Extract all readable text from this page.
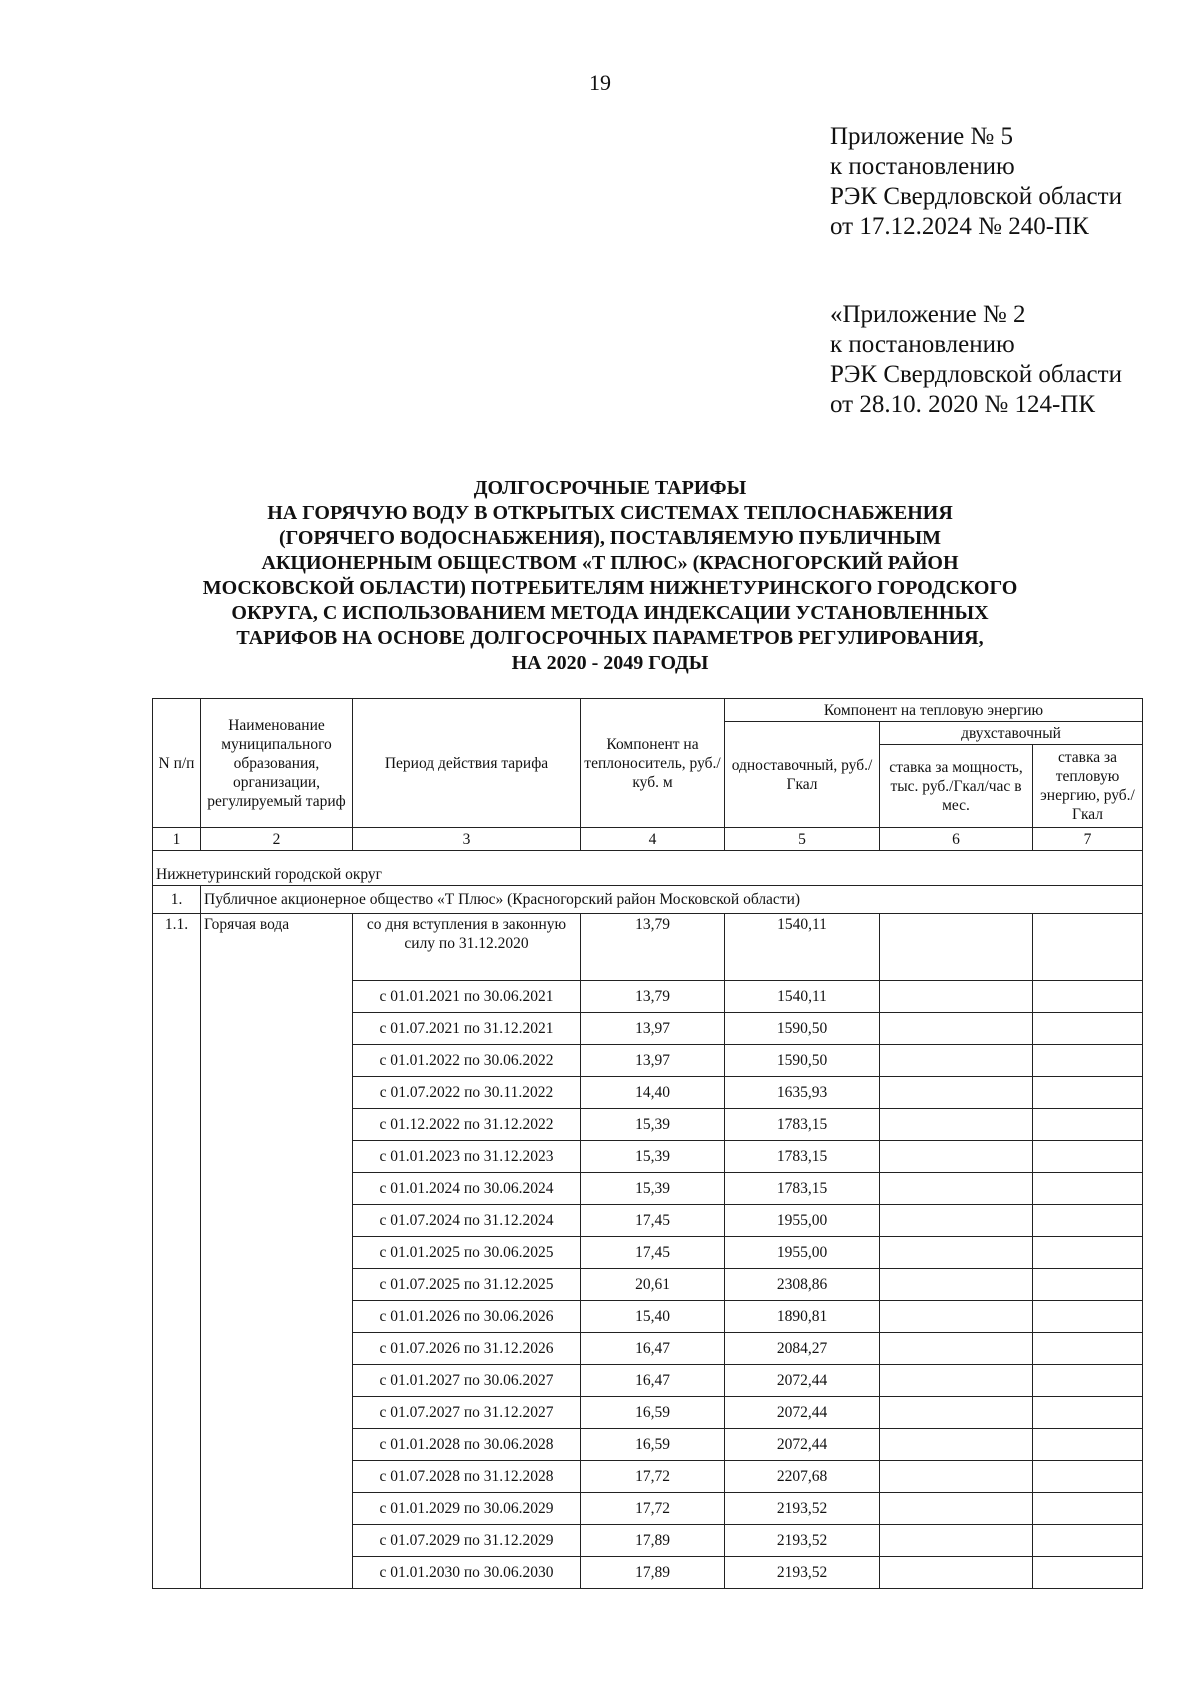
19
Приложение № 5
к постановлению
РЭК Свердловской области
от 17.12.2024 № 240-ПК
«Приложение № 2
к постановлению
РЭК Свердловской области
от 28.10. 2020 № 124-ПК
ДОЛГОСРОЧНЫЕ ТАРИФЫ
НА ГОРЯЧУЮ ВОДУ В ОТКРЫТЫХ СИСТЕМАХ ТЕПЛОСНАБЖЕНИЯ
(ГОРЯЧЕГО ВОДОСНАБЖЕНИЯ), ПОСТАВЛЯЕМУЮ ПУБЛИЧНЫМ
АКЦИОНЕРНЫМ ОБЩЕСТВОМ «Т ПЛЮС» (КРАСНОГОРСКИЙ РАЙОН
МОСКОВСКОЙ ОБЛАСТИ) ПОТРЕБИТЕЛЯМ НИЖНЕТУРИНСКОГО ГОРОДСКОГО
ОКРУГА, С ИСПОЛЬЗОВАНИЕМ МЕТОДА ИНДЕКСАЦИИ УСТАНОВЛЕННЫХ
ТАРИФОВ НА ОСНОВЕ ДОЛГОСРОЧНЫХ ПАРАМЕТРОВ РЕГУЛИРОВАНИЯ,
НА 2020 - 2049 ГОДЫ
N п/п	Наименование муниципального образования, организации, регулируемый тариф	Период действия тарифа	Компонент на теплоноситель, руб./куб. м	Компонент на тепловую энергию		
				одноставочный, руб./Гкал	двухставочный	
					ставка за мощность, тыс. руб./Гкал/час в мес.	ставка за тепловую энергию, руб./Гкал
1	2	3	4	5	6	7
Нижнетуринский городской округ						
1.	Публичное акционерное общество «Т Плюс» (Красногорский район Московской области)					
1.1.	Горячая вода	со дня вступления в законную силу по 31.12.2020	13,79	1540,11		
		с 01.01.2021 по 30.06.2021	13,79	1540,11		
		с 01.07.2021 по 31.12.2021	13,97	1590,50		
		с 01.01.2022 по 30.06.2022	13,97	1590,50		
		с 01.07.2022 по 30.11.2022	14,40	1635,93		
		с 01.12.2022 по 31.12.2022	15,39	1783,15		
		с 01.01.2023 по 31.12.2023	15,39	1783,15		
		с 01.01.2024 по 30.06.2024	15,39	1783,15		
		с 01.07.2024 по 31.12.2024	17,45	1955,00		
		с 01.01.2025 по 30.06.2025	17,45	1955,00		
		с 01.07.2025 по 31.12.2025	20,61	2308,86		
		с 01.01.2026 по 30.06.2026	15,40	1890,81		
		с 01.07.2026 по 31.12.2026	16,47	2084,27		
		с 01.01.2027 по 30.06.2027	16,47	2072,44		
		с 01.07.2027 по 31.12.2027	16,59	2072,44		
		с 01.01.2028 по 30.06.2028	16,59	2072,44		
		с 01.07.2028 по 31.12.2028	17,72	2207,68		
		с 01.01.2029 по 30.06.2029	17,72	2193,52		
		с 01.07.2029 по 31.12.2029	17,89	2193,52		
		с 01.01.2030 по 30.06.2030	17,89	2193,52		
